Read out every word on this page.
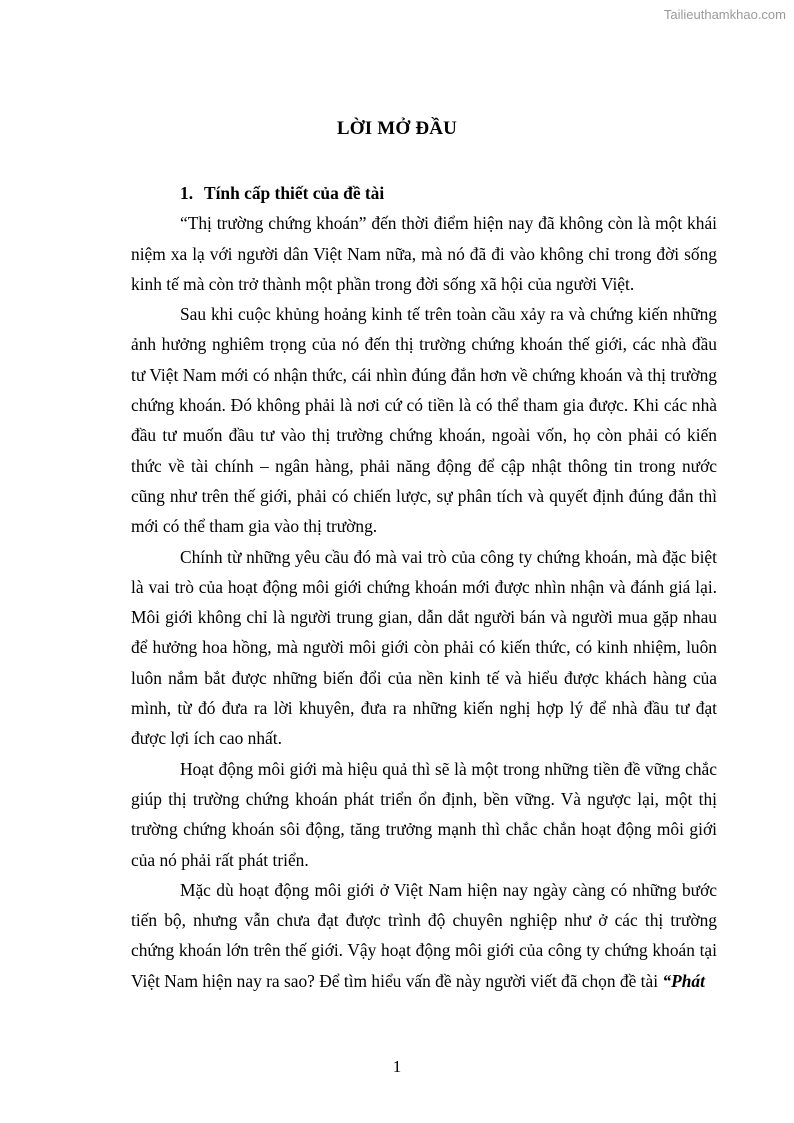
Tailieuthamkhao.com
LỜI MỞ ĐẦU

1. Tính cấp thiết của đề tài

“Thị trường chứng khoán” đến thời điểm hiện nay đã không còn là một khái niệm xa lạ với người dân Việt Nam nữa, mà nó đã đi vào không chỉ trong đời sống kinh tế mà còn trở thành một phần trong đời sống xã hội của người Việt.

Sau khi cuộc khủng hoảng kinh tế trên toàn cầu xảy ra và chứng kiến những ảnh hưởng nghiêm trọng của nó đến thị trường chứng khoán thế giới, các nhà đầu tư Việt Nam mới có nhận thức, cái nhìn đúng đắn hơn về chứng khoán và thị trường chứng khoán. Đó không phải là nơi cứ có tiền là có thể tham gia được. Khi các nhà đầu tư muốn đầu tư vào thị trường chứng khoán, ngoài vốn, họ còn phải có kiến thức về tài chính – ngân hàng, phải năng động để cập nhật thông tin trong nước cũng như trên thế giới, phải có chiến lược, sự phân tích và quyết định đúng đắn thì mới có thể tham gia vào thị trường.

Chính từ những yêu cầu đó mà vai trò của công ty chứng khoán, mà đặc biệt là vai trò của hoạt động môi giới chứng khoán mới được nhìn nhận và đánh giá lại. Môi giới không chỉ là người trung gian, dẫn dắt người bán và người mua gặp nhau để hưởng hoa hồng, mà người môi giới còn phải có kiến thức, có kinh nhiệm, luôn luôn nắm bắt được những biến đổi của nền kinh tế và hiểu được khách hàng của mình, từ đó đưa ra lời khuyên, đưa ra những kiến nghị hợp lý để nhà đầu tư đạt được lợi ích cao nhất.

Hoạt động môi giới mà hiệu quả thì sẽ là một trong những tiền đề vững chắc giúp thị trường chứng khoán phát triển ổn định, bền vững. Và ngược lại, một thị trường chứng khoán sôi động, tăng trưởng mạnh thì chắc chắn hoạt động môi giới của nó phải rất phát triển.

Mặc dù hoạt động môi giới ở Việt Nam hiện nay ngày càng có những bước tiến bộ, nhưng vẫn chưa đạt được trình độ chuyên nghiệp như ở các thị trường chứng khoán lớn trên thế giới. Vậy hoạt động môi giới của công ty chứng khoán tại Việt Nam hiện nay ra sao? Để tìm hiểu vấn đề này người viết đã chọn đề tài “Phát

1
